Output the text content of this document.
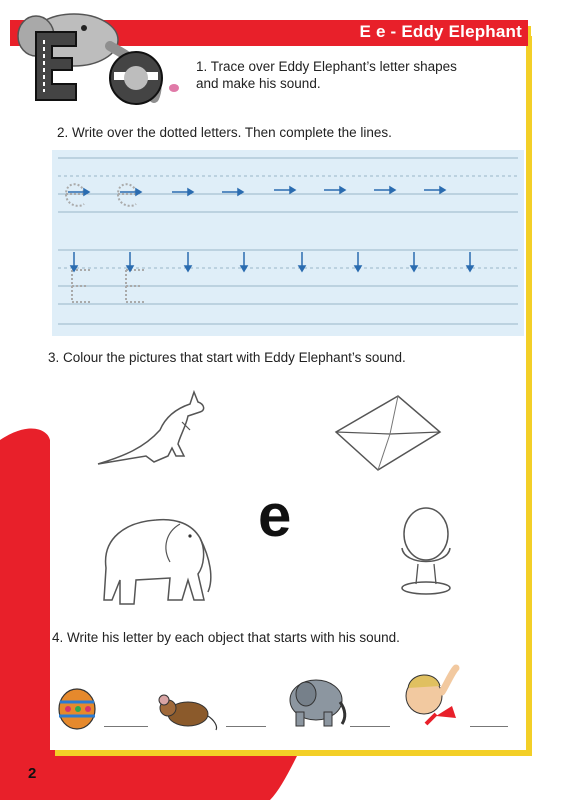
E e - Eddy Elephant
1. Trace over Eddy Elephant’s letter shapes
and make his sound.
2. Write over the dotted letters. Then complete the lines.
3. Colour the pictures that start with Eddy Elephant’s sound.
e
4. Write his letter by each object that starts with his sound.
2
